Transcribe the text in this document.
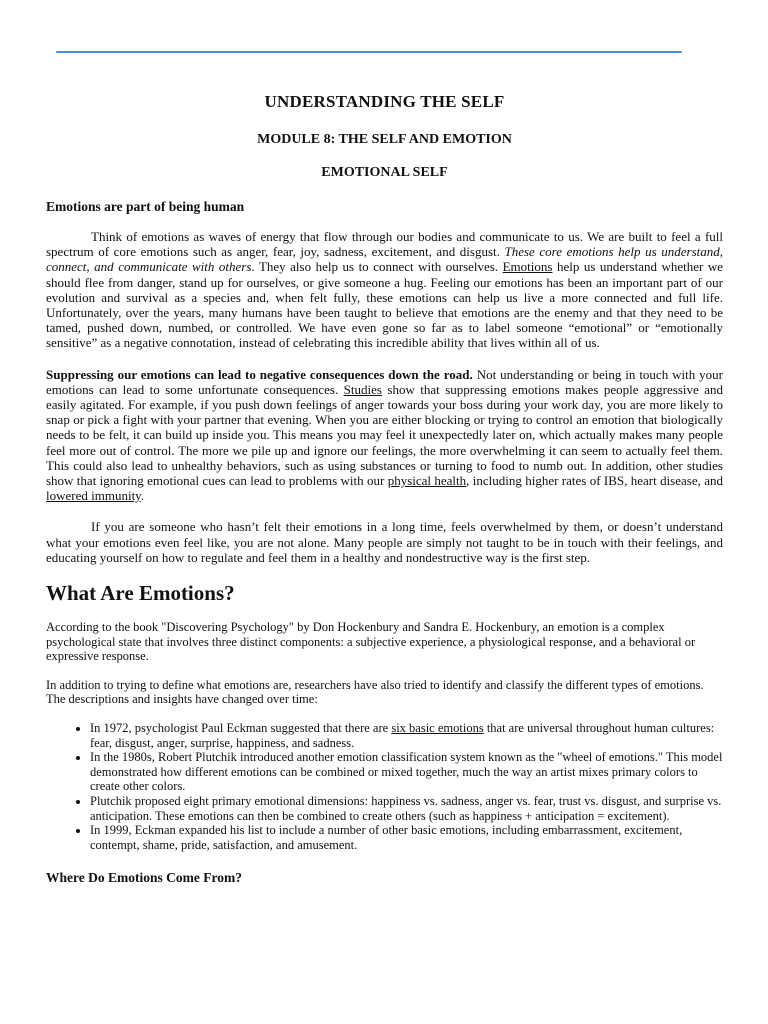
UNDERSTANDING THE SELF
MODULE 8: THE SELF AND EMOTION
EMOTIONAL SELF
Emotions are part of being human

Think of emotions as waves of energy that flow through our bodies and communicate to us. We are built to feel a full spectrum of core emotions such as anger, fear, joy, sadness, excitement, and disgust. These core emotions help us understand, connect, and communicate with others. They also help us to connect with ourselves. Emotions help us understand whether we should flee from danger, stand up for ourselves, or give someone a hug. Feeling our emotions has been an important part of our evolution and survival as a species and, when felt fully, these emotions can help us live a more connected and full life. Unfortunately, over the years, many humans have been taught to believe that emotions are the enemy and that they need to be tamed, pushed down, numbed, or controlled. We have even gone so far as to label someone “emotional” or “emotionally sensitive” as a negative connotation, instead of celebrating this incredible ability that lives within all of us.

Suppressing our emotions can lead to negative consequences down the road. Not understanding or being in touch with your emotions can lead to some unfortunate consequences. Studies show that suppressing emotions makes people aggressive and easily agitated. For example, if you push down feelings of anger towards your boss during your work day, you are more likely to snap or pick a fight with your partner that evening. When you are either blocking or trying to control an emotion that biologically needs to be felt, it can build up inside you. This means you may feel it unexpectedly later on, which actually makes many people feel more out of control. The more we pile up and ignore our feelings, the more overwhelming it can seem to actually feel them. This could also lead to unhealthy behaviors, such as using substances or turning to food to numb out. In addition, other studies show that ignoring emotional cues can lead to problems with our physical health, including higher rates of IBS, heart disease, and lowered immunity.

If you are someone who hasn’t felt their emotions in a long time, feels overwhelmed by them, or doesn’t understand what your emotions even feel like, you are not alone. Many people are simply not taught to be in touch with their feelings, and educating yourself on how to regulate and feel them in a healthy and nondestructive way is the first step.

What Are Emotions?

According to the book "Discovering Psychology" by Don Hockenbury and Sandra E. Hockenbury, an emotion is a complex psychological state that involves three distinct components: a subjective experience, a physiological response, and a behavioral or expressive response.

In addition to trying to define what emotions are, researchers have also tried to identify and classify the different types of emotions. The descriptions and insights have changed over time:

• In 1972, psychologist Paul Eckman suggested that there are six basic emotions that are universal throughout human cultures: fear, disgust, anger, surprise, happiness, and sadness.
• In the 1980s, Robert Plutchik introduced another emotion classification system known as the "wheel of emotions." This model demonstrated how different emotions can be combined or mixed together, much the way an artist mixes primary colors to create other colors.
• Plutchik proposed eight primary emotional dimensions: happiness vs. sadness, anger vs. fear, trust vs. disgust, and surprise vs. anticipation. These emotions can then be combined to create others (such as happiness + anticipation = excitement).
• In 1999, Eckman expanded his list to include a number of other basic emotions, including embarrassment, excitement, contempt, shame, pride, satisfaction, and amusement.
Where Do Emotions Come From?
